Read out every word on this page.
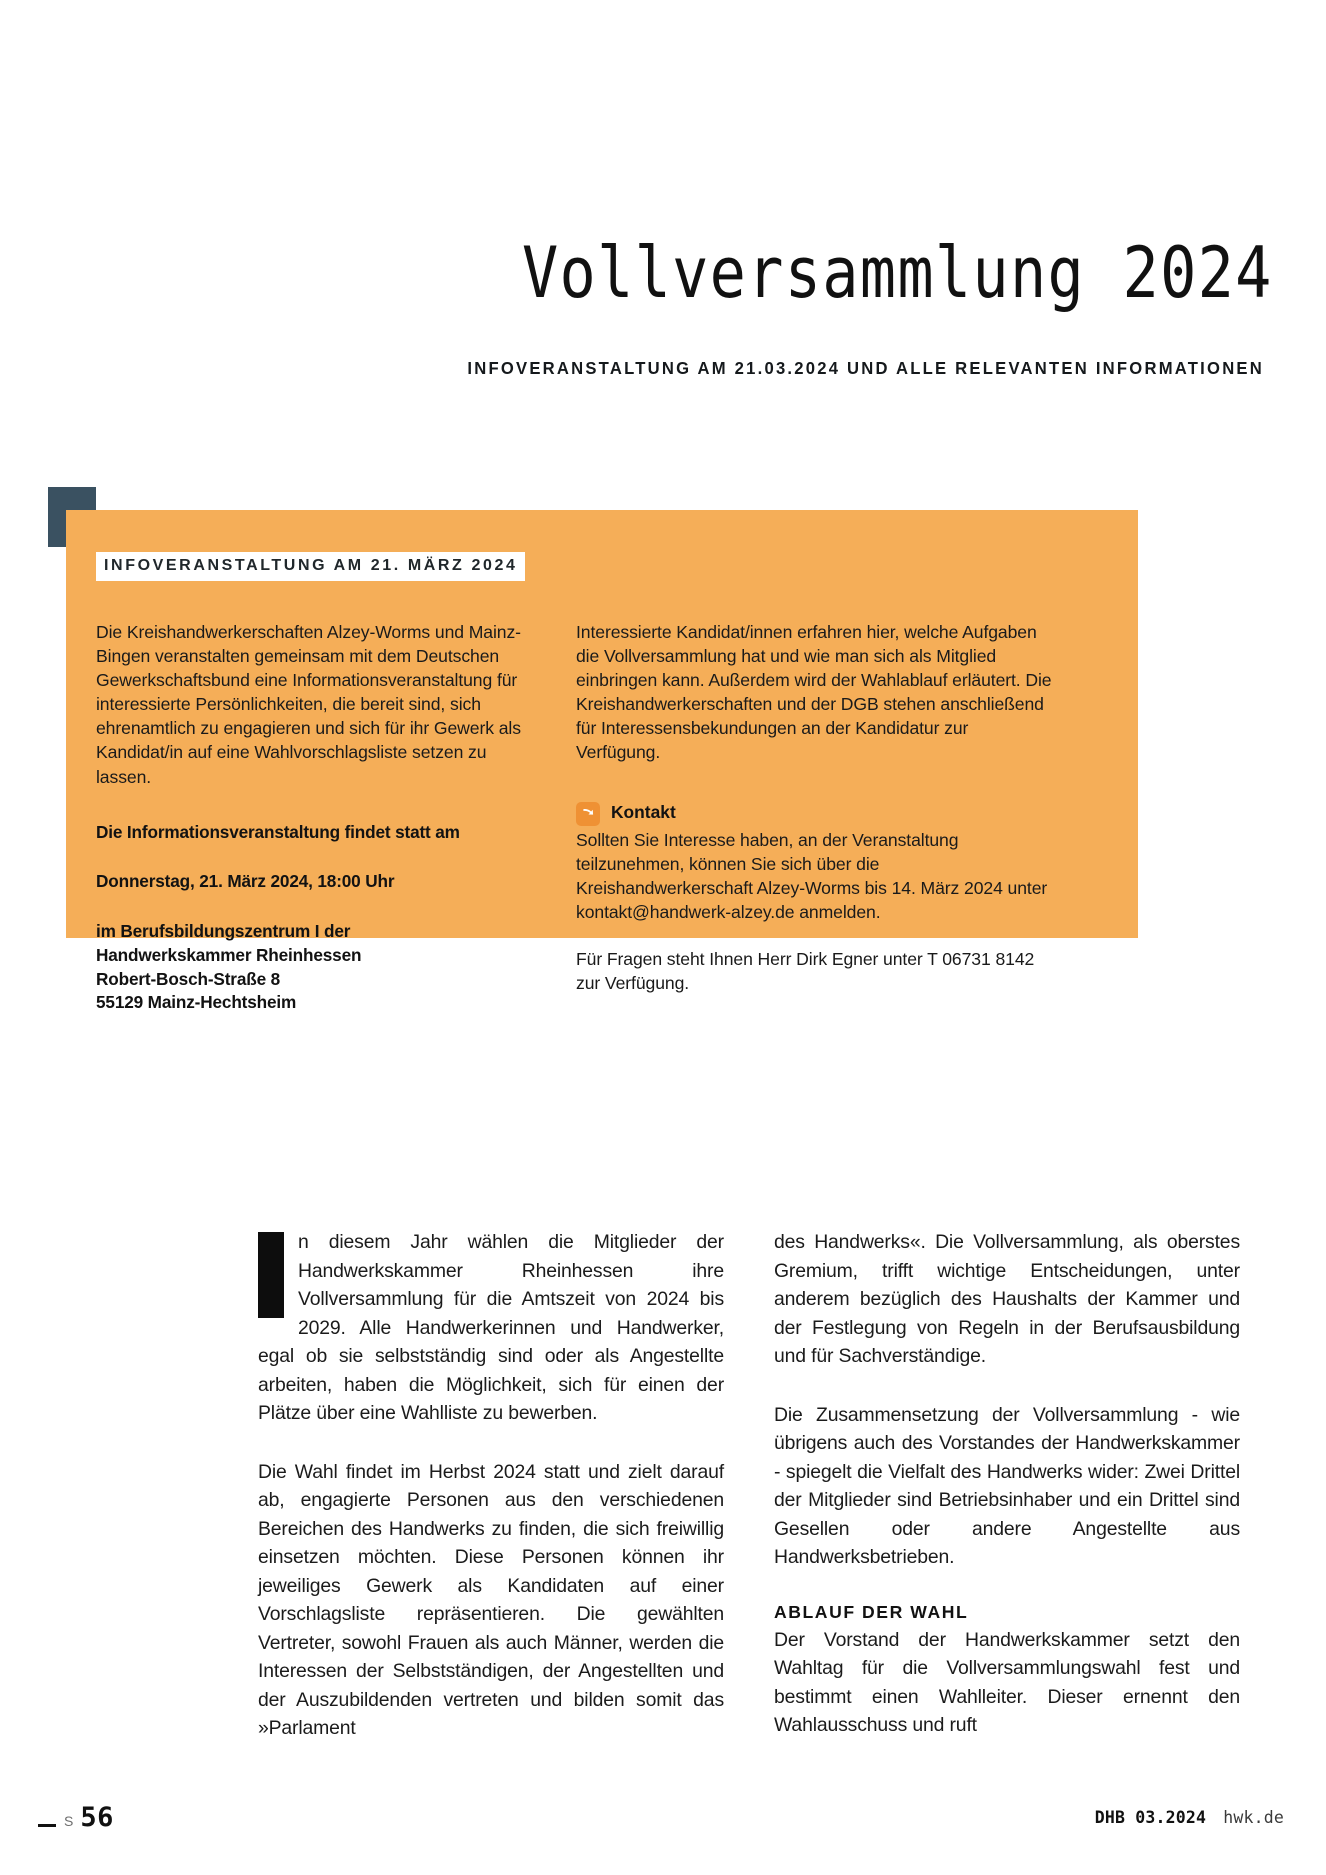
Vollversammlung 2024
INFOVERANSTALTUNG AM 21.03.2024 UND ALLE RELEVANTEN INFORMATIONEN
INFOVERANSTALTUNG AM 21. MÄRZ 2024

Die Kreishandwerkerschaften Alzey-Worms und Mainz-Bingen veranstalten gemeinsam mit dem Deutschen Gewerkschaftsbund eine Informationsveranstaltung für interessierte Persönlichkeiten, die bereit sind, sich ehrenamtlich zu engagieren und sich für ihr Gewerk als Kandidat/in auf eine Wahlvorschlagsliste setzen zu lassen.

Die Informationsveranstaltung findet statt am
Donnerstag, 21. März 2024, 18:00 Uhr
im Berufsbildungszentrum I der
Handwerkskammer Rheinhessen
Robert-Bosch-Straße 8
55129 Mainz-Hechtsheim

Interessierte Kandidat/innen erfahren hier, welche Aufgaben die Vollversammlung hat und wie man sich als Mitglied einbringen kann. Außerdem wird der Wahlablauf erläutert. Die Kreishandwerkerschaften und der DGB stehen anschließend für Interessensbekundungen an der Kandidatur zur Verfügung.

Kontakt
Sollten Sie Interesse haben, an der Veranstaltung teilzunehmen, können Sie sich über die Kreishandwerkerschaft Alzey-Worms bis 14. März 2024 unter kontakt@handwerk-alzey.de anmelden.
Für Fragen steht Ihnen Herr Dirk Egner unter T 06731 8142 zur Verfügung.

n diesem Jahr wählen die Mitglieder der Handwerkskammer Rheinhessen ihre Vollversammlung für die Amtszeit von 2024 bis 2029. Alle Handwerkerinnen und Handwerker, egal ob sie selbstständig sind oder als Angestellte arbeiten, haben die Möglichkeit, sich für einen der Plätze über eine Wahlliste zu bewerben.

Die Wahl findet im Herbst 2024 statt und zielt darauf ab, engagierte Personen aus den verschiedenen Bereichen des Handwerks zu finden, die sich freiwillig einsetzen möchten. Diese Personen können ihr jeweiliges Gewerk als Kandidaten auf einer Vorschlagsliste repräsentieren. Die gewählten Vertreter, sowohl Frauen als auch Männer, werden die Interessen der Selbstständigen, der Angestellten und der Auszubildenden vertreten und bilden somit das »Parlament

des Handwerks«. Die Vollversammlung, als oberstes Gremium, trifft wichtige Entscheidungen, unter anderem bezüglich des Haushalts der Kammer und der Festlegung von Regeln in der Berufsausbildung und für Sachverständige.

Die Zusammensetzung der Vollversammlung - wie übrigens auch des Vorstandes der Handwerkskammer - spiegelt die Vielfalt des Handwerks wider: Zwei Drittel der Mitglieder sind Betriebsinhaber und ein Drittel sind Gesellen oder andere Angestellte aus Handwerksbetrieben.

ABLAUF DER WAHL

Der Vorstand der Handwerkskammer setzt den Wahltag für die Vollversammlungswahl fest und bestimmt einen Wahlleiter. Dieser ernennt den Wahlausschuss und ruft

S 56	DHB 03.2024 hwk.de
